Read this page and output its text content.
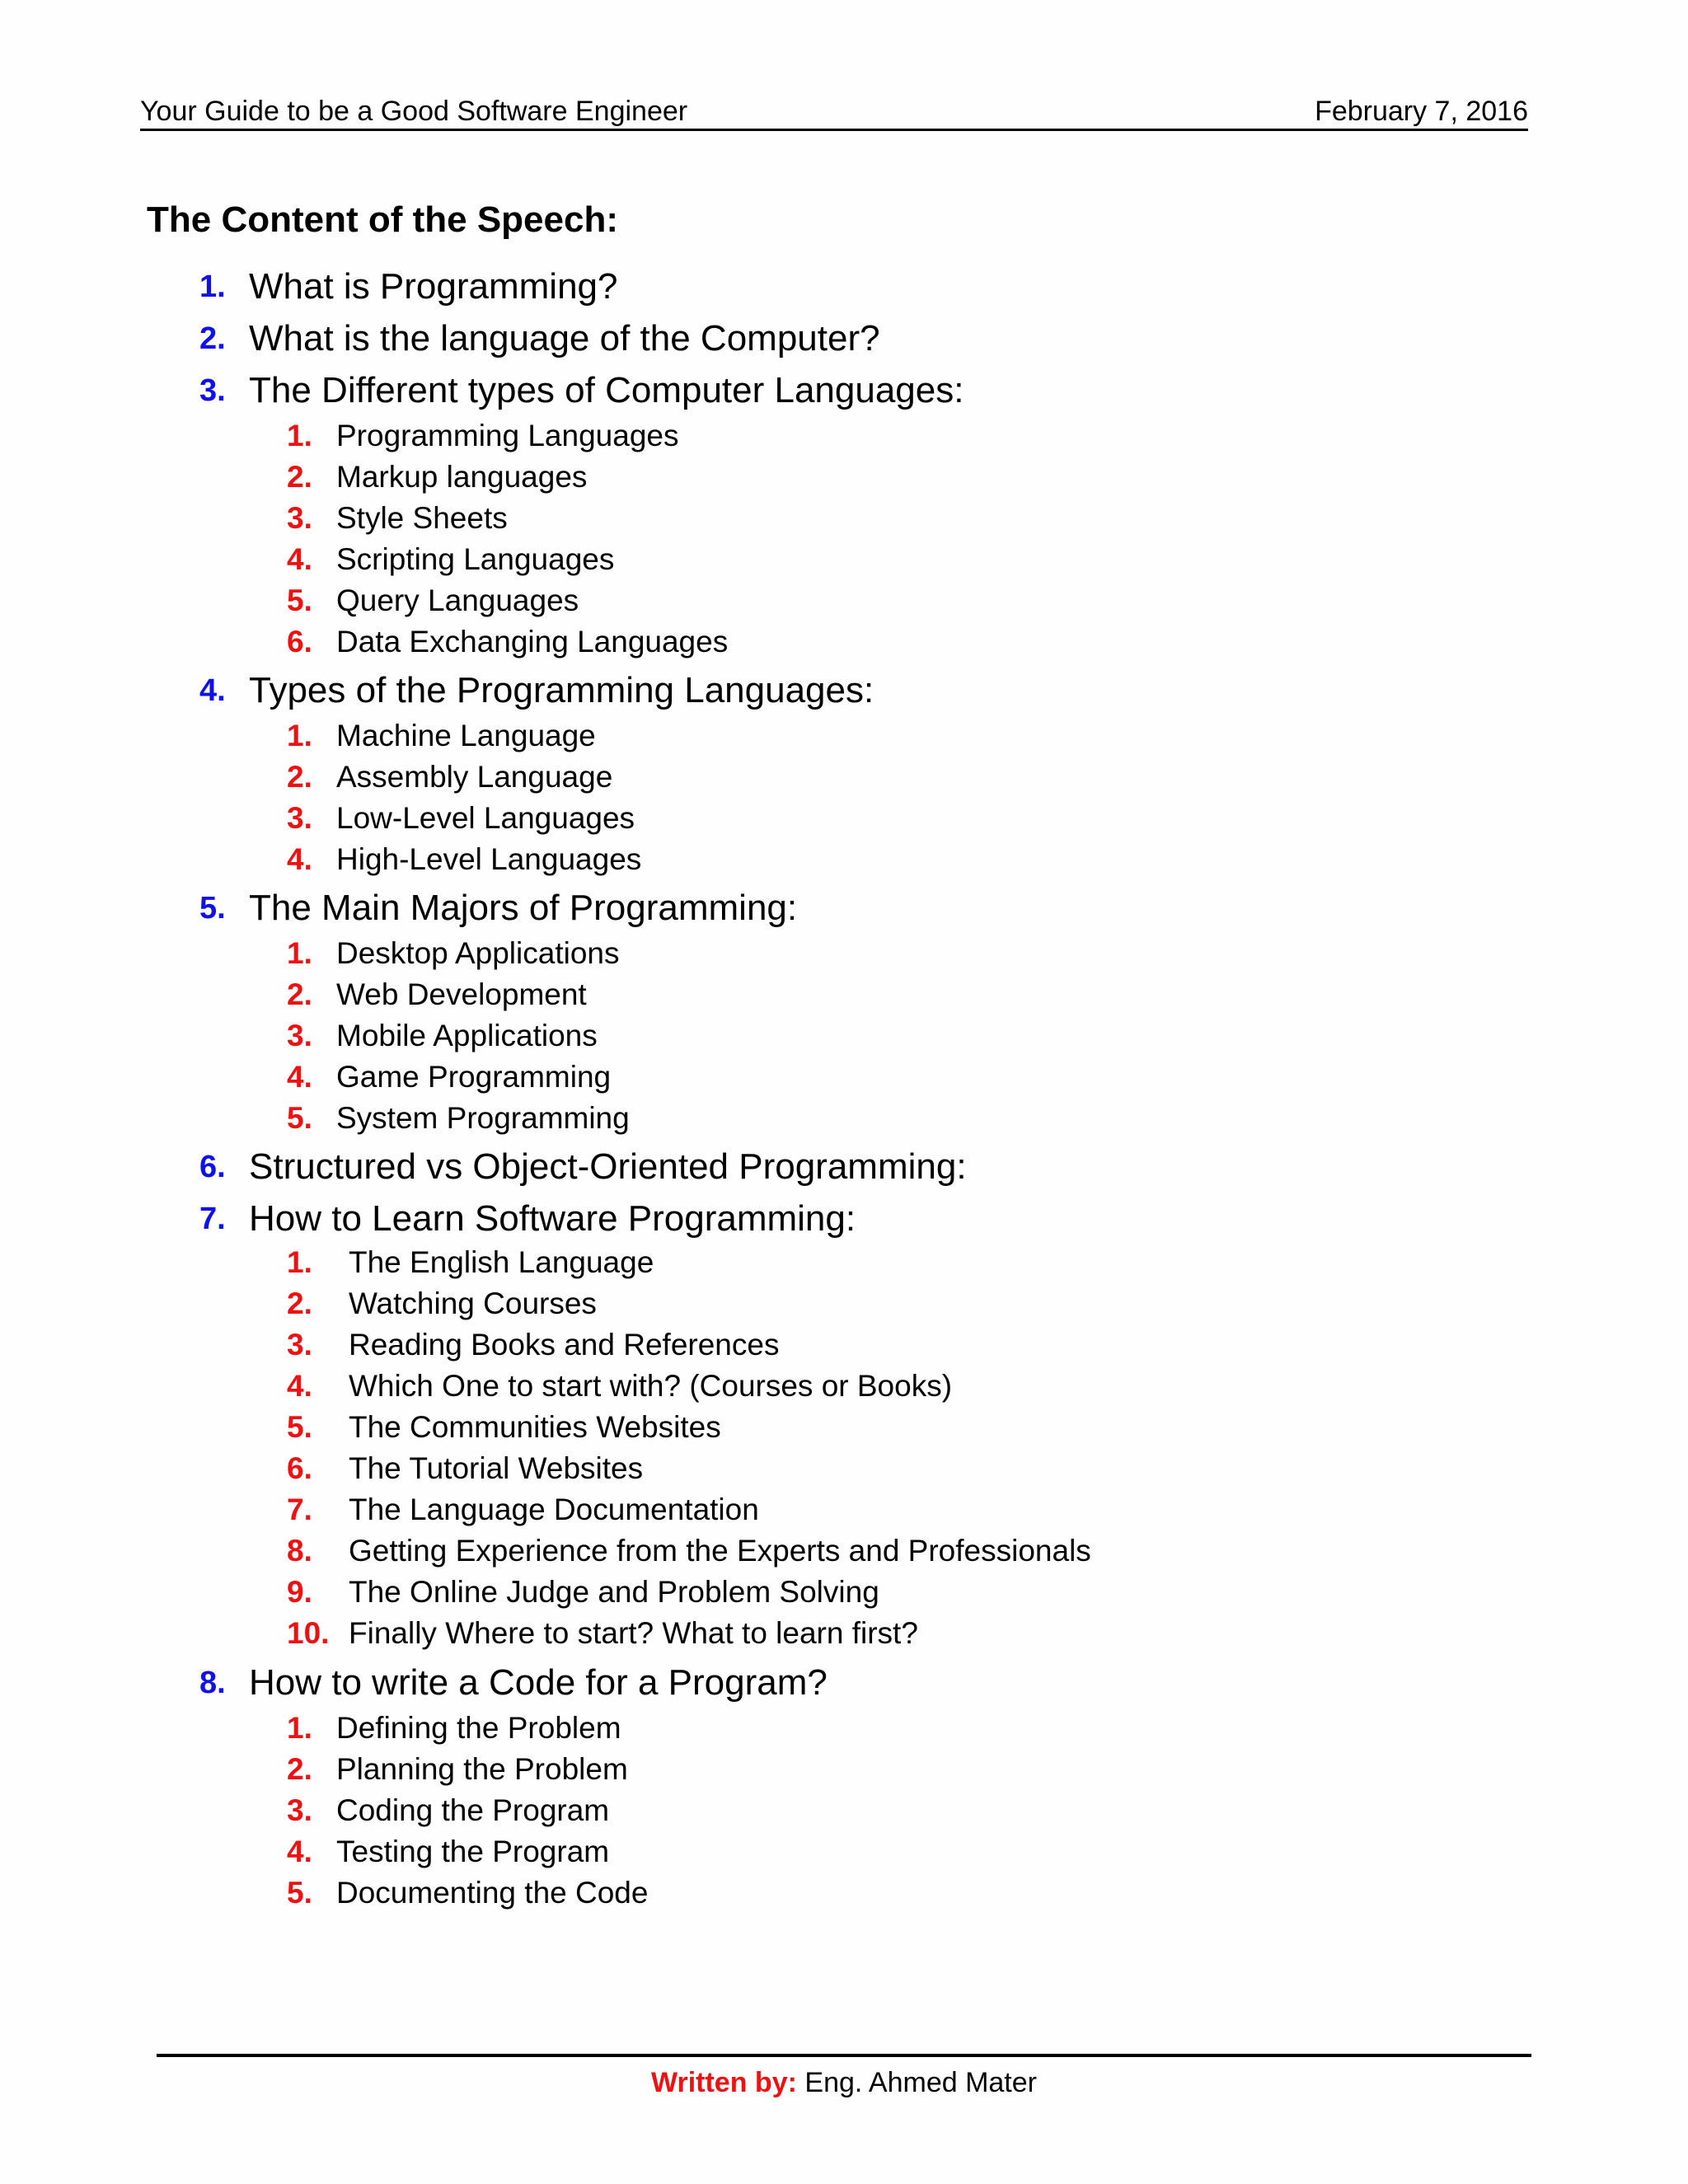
Your Guide to be a Good Software Engineer	February 7, 2016
The Content of the Speech:
1. What is Programming?
2. What is the language of the Computer?
3. The Different types of Computer Languages:
1. Programming Languages
2. Markup languages
3. Style Sheets
4. Scripting Languages
5. Query Languages
6. Data Exchanging Languages
4. Types of the Programming Languages:
1. Machine Language
2. Assembly Language
3. Low-Level Languages
4. High-Level Languages
5. The Main Majors of Programming:
1. Desktop Applications
2. Web Development
3. Mobile Applications
4. Game Programming
5. System Programming
6. Structured vs Object-Oriented Programming:
7. How to Learn Software Programming:
1. The English Language
2. Watching Courses
3. Reading Books and References
4. Which One to start with? (Courses or Books)
5. The Communities Websites
6. The Tutorial Websites
7. The Language Documentation
8. Getting Experience from the Experts and Professionals
9. The Online Judge and Problem Solving
10. Finally Where to start? What to learn first?
8. How to write a Code for a Program?
1. Defining the Problem
2. Planning the Problem
3. Coding the Program
4. Testing the Program
5. Documenting the Code
Written by: Eng. Ahmed Mater
